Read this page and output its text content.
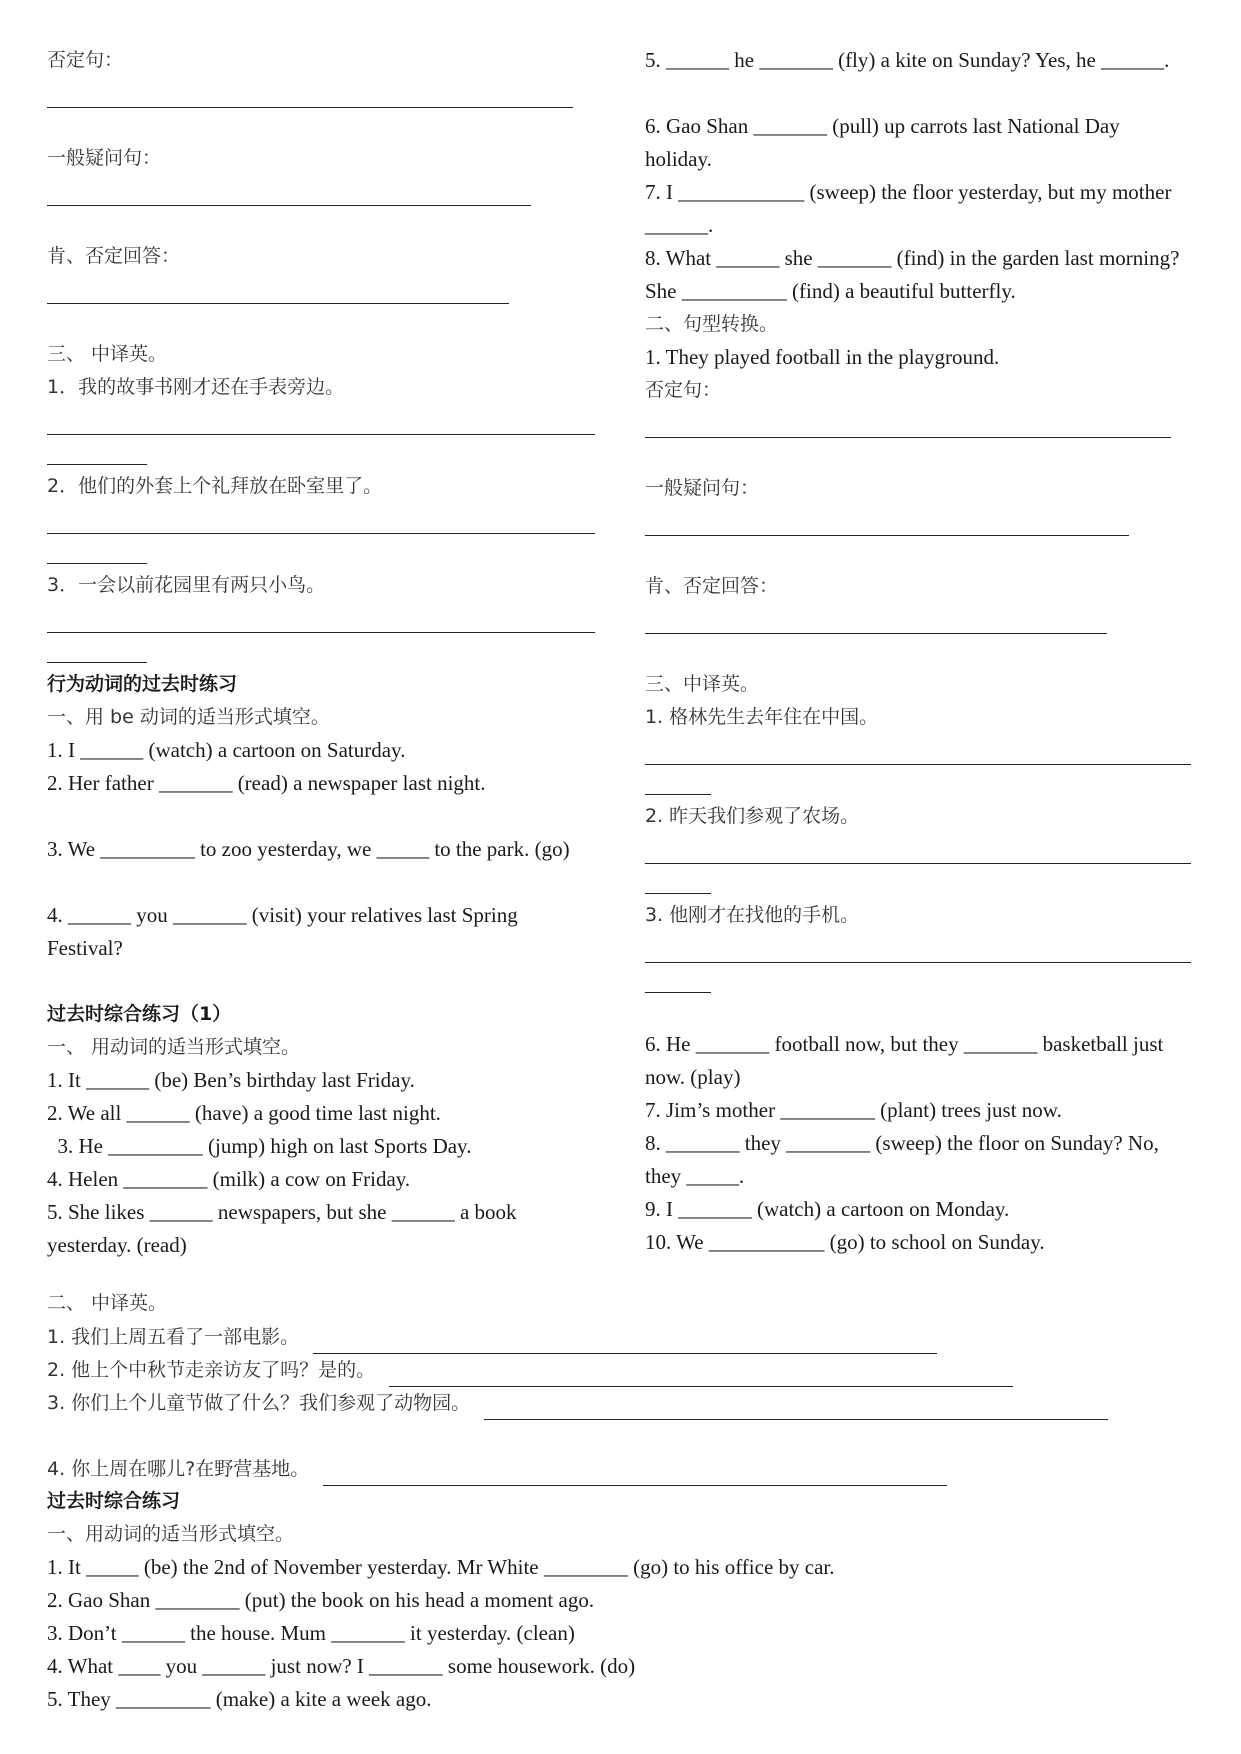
否定句：
一般疑问句：
肯、否定回答：
三、 中译英。
1．我的故事书刚才还在手表旁边。
2．他们的外套上个礼拜放在卧室里了。
3．一会以前花园里有两只小鸟。
行为动词的过去时练习
一、用 be 动词的适当形式填空。
1. I ______ (watch) a cartoon on Saturday.
2. Her father _______ (read) a newspaper last night.
3. We _________ to zoo yesterday, we _____ to the park. (go)
4. ______ you _______ (visit) your relatives last Spring
Festival?
过去时综合练习（1）
一、 用动词的适当形式填空。
1. It ______ (be) Ben’s birthday last Friday.
2. We all ______ (have) a good time last night.
3. He _________ (jump) high on last Sports Day.
4. Helen ________ (milk) a cow on Friday.
5. She likes ______ newspapers, but she ______ a book
yesterday. (read)
5. ______ he _______ (fly) a kite on Sunday? Yes, he ______.
6. Gao Shan _______ (pull) up carrots last National Day
holiday.
7. I ____________ (sweep) the floor yesterday, but my mother
______.
8. What ______ she _______ (find) in the garden last morning?
She __________ (find) a beautiful butterfly.
二、句型转换。
1. They played football in the playground.
否定句：
一般疑问句：
肯、否定回答：
三、中译英。
1. 格林先生去年住在中国。
2. 昨天我们参观了农场。
3. 他刚才在找他的手机。
6. He _______ football now, but they _______ basketball just
now. (play)
7. Jim’s mother _________ (plant) trees just now.
8. _______ they ________ (sweep) the floor on Sunday? No,
they _____.
9. I _______ (watch) a cartoon on Monday.
10. We ___________ (go) to school on Sunday.
二、 中译英。
1. 我们上周五看了一部电影。
2. 他上个中秋节走亲访友了吗？是的。
3. 你们上个儿童节做了什么？我们参观了动物园。
4. 你上周在哪儿?在野营基地。
过去时综合练习
一、用动词的适当形式填空。
1. It _____ (be) the 2nd of November yesterday. Mr White ________ (go) to his office by car.
2. Gao Shan ________ (put) the book on his head a moment ago.
3. Don’t ______ the house. Mum _______ it yesterday. (clean)
4. What ____ you ______ just now? I _______ some housework. (do)
5. They _________ (make) a kite a week ago.
